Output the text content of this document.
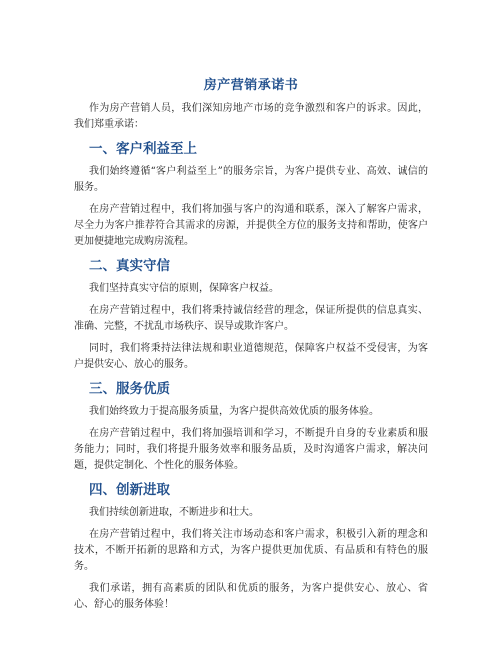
房产营销承诺书

作为房产营销人员，我们深知房地产市场的竞争激烈和客户的诉求。因此，我们郑重承诺：

一、客户利益至上

我们始终遵循“客户利益至上”的服务宗旨，为客户提供专业、高效、诚信的服务。

在房产营销过程中，我们将加强与客户的沟通和联系，深入了解客户需求，尽全力为客户推荐符合其需求的房源，并提供全方位的服务支持和帮助，使客户更加便捷地完成购房流程。

二、真实守信

我们坚持真实守信的原则，保障客户权益。

在房产营销过程中，我们将秉持诚信经营的理念，保证所提供的信息真实、准确、完整，不扰乱市场秩序、误导或欺诈客户。

同时，我们将秉持法律法规和职业道德规范，保障客户权益不受侵害，为客户提供安心、放心的服务。

三、服务优质

我们始终致力于提高服务质量，为客户提供高效优质的服务体验。

在房产营销过程中，我们将加强培训和学习，不断提升自身的专业素质和服务能力；同时，我们将提升服务效率和服务品质，及时沟通客户需求，解决问题，提供定制化、个性化的服务体验。

四、创新进取

我们持续创新进取，不断进步和壮大。

在房产营销过程中，我们将关注市场动态和客户需求，积极引入新的理念和技术，不断开拓新的思路和方式，为客户提供更加优质、有品质和有特色的服务。

我们承诺，拥有高素质的团队和优质的服务，为客户提供安心、放心、省心、舒心的服务体验！
